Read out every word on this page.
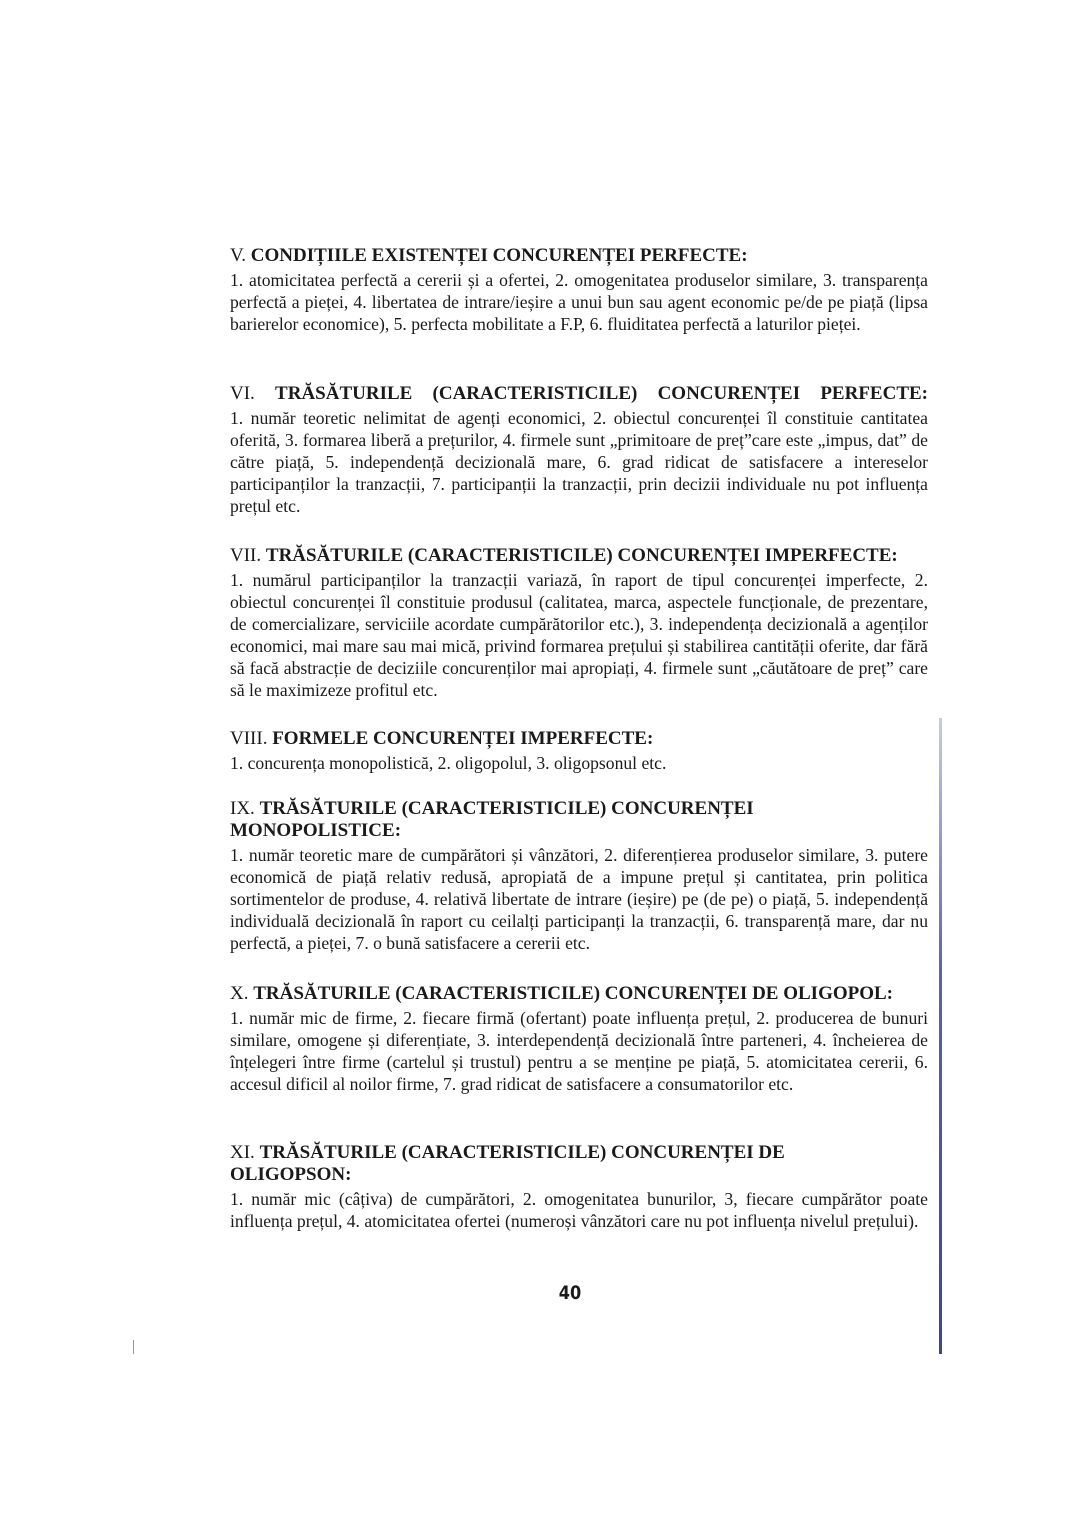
V. CONDIȚIILE EXISTENȚEI CONCURENȚEI PERFECTE:

1. atomicitatea perfectă a cererii și a ofertei, 2. omogenitatea produselor similare, 3. transparența perfectă a pieței, 4. libertatea de intrare/ieșire a unui bun sau agent economic pe/de pe piață (lipsa barierelor economice), 5. perfecta mobilitate a F.P, 6. fluiditatea perfectă a laturilor pieței.

VI. TRĂSĂTURILE (CARACTERISTICILE) CONCURENȚEI PERFECTE:

1. număr teoretic nelimitat de agenți economici, 2. obiectul concurenței îl constituie cantitatea oferită, 3. formarea liberă a prețurilor, 4. firmele sunt „primitoare de preț”care este „impus, dat” de către piață, 5. independență decizională mare, 6. grad ridicat de satisfacere a intereselor participanților la tranzacții, 7. participanții la tranzacții, prin decizii individuale nu pot influența prețul etc.

VII. TRĂSĂTURILE (CARACTERISTICILE) CONCURENȚEI IMPERFECTE:

1. numărul participanților la tranzacții variază, în raport de tipul concurenței imperfecte, 2. obiectul concurenței îl constituie produsul (calitatea, marca, aspectele funcționale, de prezentare, de comercializare, serviciile acordate cumpărătorilor etc.), 3. independența decizională a agenților economici, mai mare sau mai mică, privind formarea prețului și stabilirea cantității oferite, dar fără să facă abstracție de deciziile concurenților mai apropiați, 4. firmele sunt „căutătoare de preț” care să le maximizeze profitul etc.

VIII. FORMELE CONCURENȚEI IMPERFECTE:

1. concurența monopolistică, 2. oligopolul, 3. oligopsonul etc.

IX. TRĂSĂTURILE (CARACTERISTICILE) CONCURENȚEI MONOPOLISTICE:

1. număr teoretic mare de cumpărători și vânzători, 2. diferențierea produselor similare, 3. putere economică de piață relativ redusă, apropiată de a impune prețul și cantitatea, prin politica sortimentelor de produse, 4. relativă libertate de intrare (ieșire) pe (de pe) o piață, 5. independență individuală decizională în raport cu ceilalți participanți la tranzacții, 6. transparență mare, dar nu perfectă, a pieței, 7. o bună satisfacere a cererii etc.

X. TRĂSĂTURILE (CARACTERISTICILE) CONCURENȚEI DE OLIGOPOL:

1. număr mic de firme, 2. fiecare firmă (ofertant) poate influența prețul, 2. producerea de bunuri similare, omogene și diferențiate, 3. interdependență decizională între parteneri, 4. încheierea de înțelegeri între firme (cartelul și trustul) pentru a se menține pe piață, 5. atomicitatea cererii, 6. accesul dificil al noilor firme, 7. grad ridicat de satisfacere a consumatorilor etc.

XI. TRĂSĂTURILE (CARACTERISTICILE) CONCURENȚEI DE OLIGOPSON:

1. număr mic (câțiva) de cumpărători, 2. omogenitatea bunurilor, 3, fiecare cumpărător poate influența prețul, 4. atomicitatea ofertei (numeroși vânzători care nu pot influența nivelul prețului).

40
